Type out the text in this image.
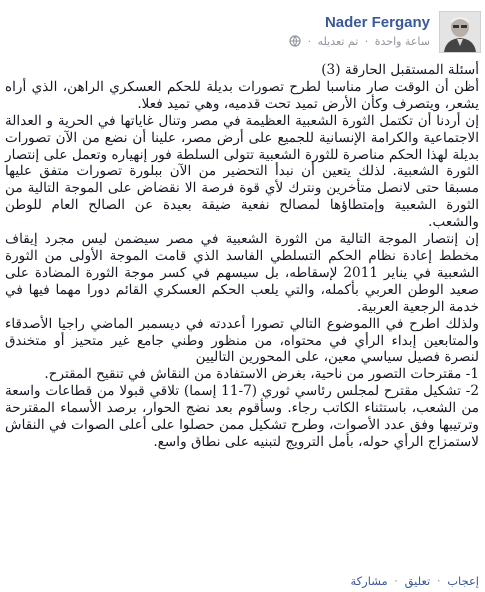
Nader Fergany
ساعة واحدة · تم تعديله ·

أسئلة المستقبل الحارقة (3)

أظن أن الوقت صار مناسبا لطرح تصورات بديلة للحكم العسكري الراهن، الذي أراه يشعر، ويتصرف وكأن الأرض تميد تحت قدميه، وهي تميد فعلا.

إن أردنا أن تكتمل الثورة الشعبية العظيمة في مصر وتنال غاياتها في الحرية و العدالة الاجتماعية والكرامة الإنسانية للجميع على أرض مصر، علينا أن نضع من الآن تصورات بديلة لهذا الحكم مناصرة للثورة الشعبية تتولى السلطة فور إنهياره وتعمل على إنتصار الثورة الشعبية. لذلك يتعين أن نبدأ التحضير من الآن ببلورة تصورات متفق عليها مسبقا حتى لانصل متأخرين ونترك لأي قوة فرصة الا نقضاض على الموجة التالية من الثورة الشعبية وإمتطاؤها لمصالح نفعية ضيقة بعيدة عن الصالح العام للوطن والشعب.

إن إنتصار الموجة التالية من الثورة الشعبية في مصر سيضمن ليس مجرد إيقاف مخطط إعادة نظام الحكم التسلطي الفاسد الذي قامت الموجة الأولى من الثورة الشعبية في يناير 2011 لإسقاطه، بل سيسهم في كسر موجة الثورة المضادة على صعيد الوطن العربي بأكمله، والتي يلعب الحكم العسكري القائم دورا مهما فيها في خدمة الرجعية العربية.

ولذلك اطرح في االموضوع التالي تصورا أعددته في ديسمبر الماضي راجيا الأصدقاء والمتابعين إبداء الرأي في محتواه، من منظور وطني جامع غير متحيز أو متخندق لنصرة فصيل سياسي معين، على المحورين التاليين

1- مقترحات التصور من ناحية، بغرض الاستفادة من النقاش في تنقيح المقترح.

2- تشكيل مقترح لمجلس رئاسي ثوري (7-11 إسما) تلاقي قبولا من قطاعات واسعة من الشعب، باستثناء الكاتب رجاء. وسأقوم بعد نضج الحوار، برصد الأسماء المقترحة وترتيبها وفق عدد الأصوات، وطرح تشكيل ممن حصلوا على أعلى الصوات في النقاش لاستمزاج الرأي حوله، بأمل الترويج لتبنيه على نطاق واسع.

إعجاب · تعليق · مشاركة
